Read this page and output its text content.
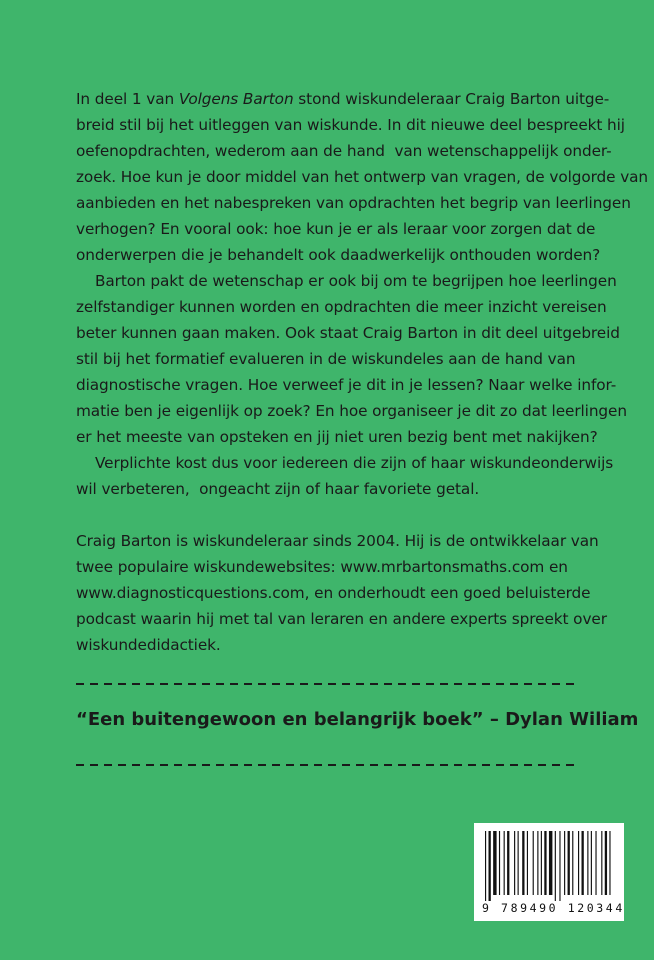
In deel 1 van Volgens Barton stond wiskundeleraar Craig Barton uitge-

breid stil bij het uitleggen van wiskunde. In dit nieuwe deel bespreekt hij

oefenopdrachten, wederom aan de hand  van wetenschappelijk onder-

zoek. Hoe kun je door middel van het ontwerp van vragen, de volgorde van

aanbieden en het nabespreken van opdrachten het begrip van leerlingen

verhogen? En vooral ook: hoe kun je er als leraar voor zorgen dat de

onderwerpen die je behandelt ook daadwerkelijk onthouden worden?

Barton pakt de wetenschap er ook bij om te begrijpen hoe leerlingen

zelfstandiger kunnen worden en opdrachten die meer inzicht vereisen

beter kunnen gaan maken. Ook staat Craig Barton in dit deel uitgebreid

stil bij het formatief evalueren in de wiskundeles aan de hand van

diagnostische vragen. Hoe verweef je dit in je lessen? Naar welke infor-

matie ben je eigenlijk op zoek? En hoe organiseer je dit zo dat leerlingen

er het meeste van opsteken en jij niet uren bezig bent met nakijken?

Verplichte kost dus voor iedereen die zijn of haar wiskundeonderwijs

wil verbeteren,  ongeacht zijn of haar favoriete getal.

Craig Barton is wiskundeleraar sinds 2004. Hij is de ontwikkelaar van

twee populaire wiskundewebsites: www.mrbartonsmaths.com en

www.diagnosticquestions.com, en onderhoudt een goed beluisterde

podcast waarin hij met tal van leraren en andere experts spreekt over

wiskundedidactiek.

“Een buitengewoon en belangrijk boek” – Dylan Wiliam
9 789490 120344
